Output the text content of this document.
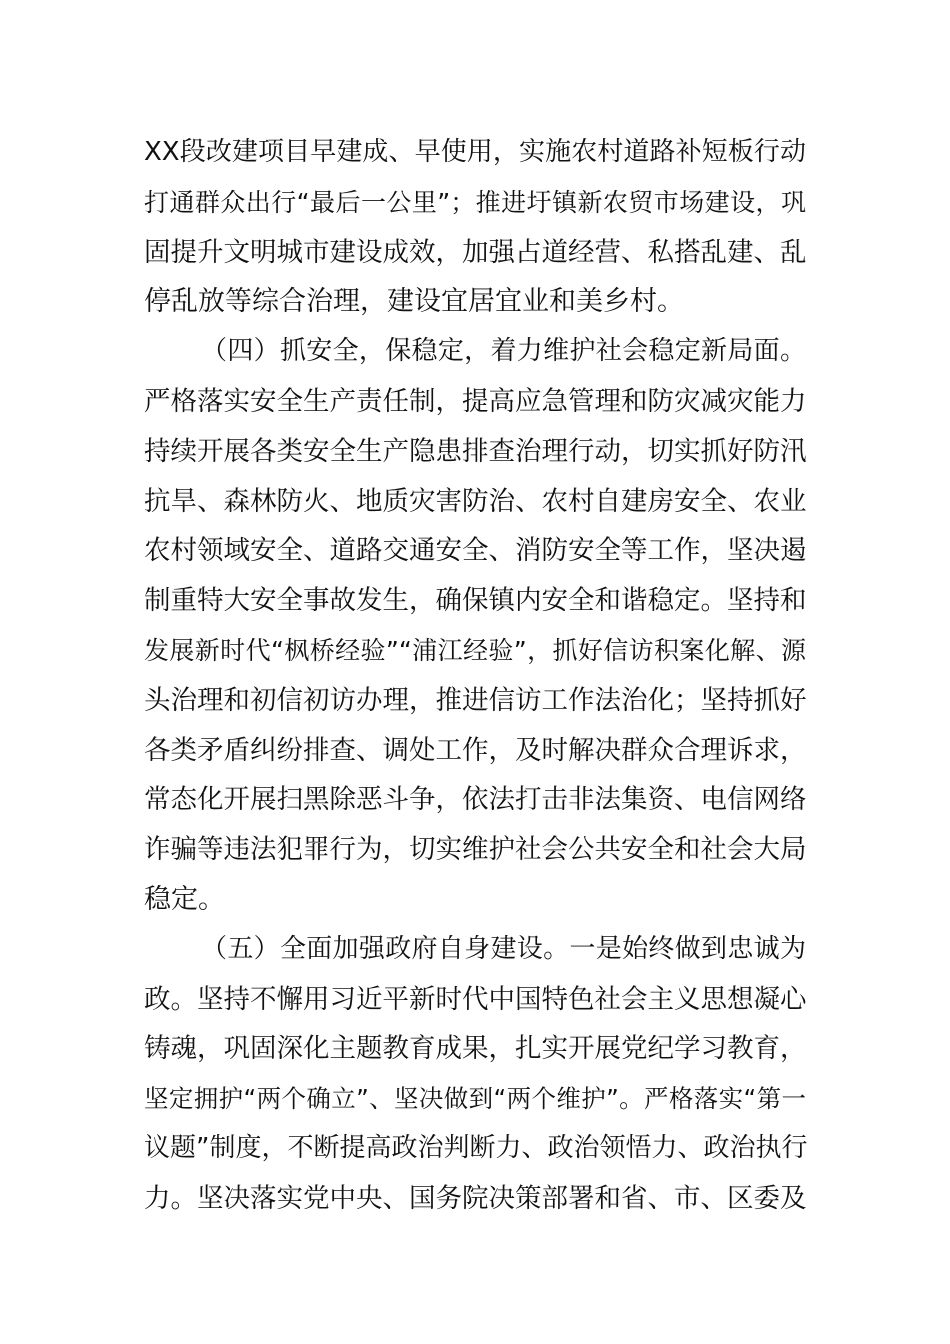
XX段改建项目早建成、早使用，实施农村道路补短板行动
打通群众出行“最后一公里”；推进圩镇新农贸市场建设，巩
固提升文明城市建设成效，加强占道经营、私搭乱建、乱
停乱放等综合治理，建设宜居宜业和美乡村。
（四）抓安全，保稳定，着力维护社会稳定新局面。
严格落实安全生产责任制，提高应急管理和防灾减灾能力
持续开展各类安全生产隐患排查治理行动，切实抓好防汛
抗旱、森林防火、地质灾害防治、农村自建房安全、农业
农村领域安全、道路交通安全、消防安全等工作，坚决遏
制重特大安全事故发生，确保镇内安全和谐稳定。坚持和
发展新时代“枫桥经验”“浦江经验”，抓好信访积案化解、源
头治理和初信初访办理，推进信访工作法治化；坚持抓好
各类矛盾纠纷排查、调处工作，及时解决群众合理诉求，
常态化开展扫黑除恶斗争，依法打击非法集资、电信网络
诈骗等违法犯罪行为，切实维护社会公共安全和社会大局
稳定。
（五）全面加强政府自身建设。一是始终做到忠诚为
政。坚持不懈用习近平新时代中国特色社会主义思想凝心
铸魂，巩固深化主题教育成果，扎实开展党纪学习教育，
坚定拥护“两个确立”、坚决做到“两个维护”。严格落实“第一
议题”制度，不断提高政治判断力、政治领悟力、政治执行
力。坚决落实党中央、国务院决策部署和省、市、区委及
